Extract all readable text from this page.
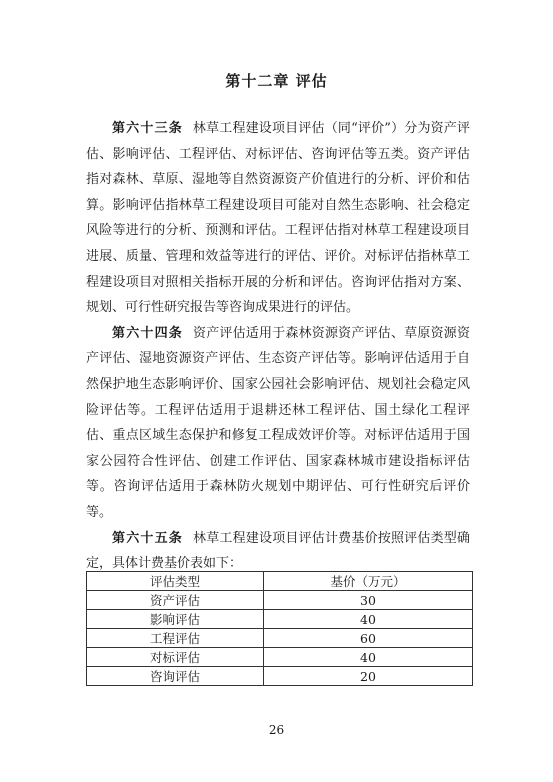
第十二章 评估

第六十三条 林草工程建设项目评估（同“评价”）分为资产评估、影响评估、工程评估、对标评估、咨询评估等五类。资产评估指对森林、草原、湿地等自然资源资产价值进行的分析、评价和估算。影响评估指林草工程建设项目可能对自然生态影响、社会稳定风险等进行的分析、预测和评估。工程评估指对林草工程建设项目进展、质量、管理和效益等进行的评估、评价。对标评估指林草工程建设项目对照相关指标开展的分析和评估。咨询评估指对方案、规划、可行性研究报告等咨询成果进行的评估。

第六十四条 资产评估适用于森林资源资产评估、草原资源资产评估、湿地资源资产评估、生态资产评估等。影响评估适用于自然保护地生态影响评价、国家公园社会影响评估、规划社会稳定风险评估等。工程评估适用于退耕还林工程评估、国土绿化工程评估、重点区域生态保护和修复工程成效评价等。对标评估适用于国家公园符合性评估、创建工作评估、国家森林城市建设指标评估等。咨询评估适用于森林防火规划中期评估、可行性研究后评价等。

第六十五条 林草工程建设项目评估计费基价按照评估类型确定，具体计费基价表如下：

评估类型	基价（万元）
资产评估	30
影响评估	40
工程评估	60
对标评估	40
咨询评估	20
26
